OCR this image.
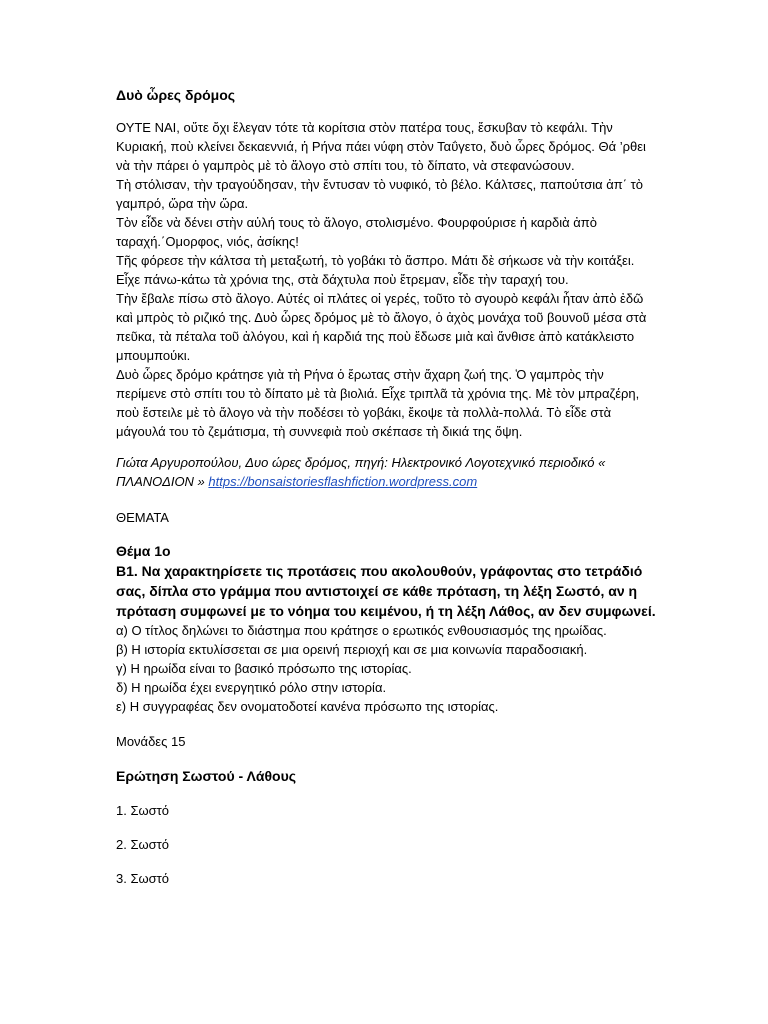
Δυὸ ὧρες δρόμος

ΟΥΤΕ ΝΑΙ, οὔτε ὄχι ἔλεγαν τότε τὰ κορίτσια στὸν πατέρα τους, ἔσκυβαν τὸ κεφάλι. Τὴν Κυριακή, ποὺ κλείνει δεκαεννιά, ἡ Ρήνα πάει νύφη στὸν Ταΰγετο, δυὸ ὧρες δρόμος. Θά ’ρθει νὰ τὴν πάρει ὁ γαμπρὸς μὲ τὸ ἄλογο στὸ σπίτι του, τὸ δίπατο, νὰ στεφανώσουν.

Τὴ στόλισαν, τὴν τραγούδησαν, τὴν ἔντυσαν τὸ νυφικό, τὸ βέλο. Κάλτσες, παπούτσια ἀπ΄ τὸ γαμπρό, ὥρα τὴν ὥρα.

Τὸν εἶδε νὰ δένει στὴν αὐλή τους τὸ ἄλογο, στολισμένο. Φουρφούρισε ἡ καρδιὰ ἀπὸ ταραχή.΄Ομορφος, νιός, ἀσίκης!

Τῆς φόρεσε τὴν κάλτσα τὴ μεταξωτή, τὸ γοβάκι τὸ ἄσπρο. Μάτι δὲ σήκωσε νὰ τὴν κοιτάξει. Εἶχε πάνω-κάτω τὰ χρόνια της, στὰ δάχτυλα ποὺ ἔτρεμαν, εἶδε τὴν ταραχή του.

Τὴν ἔβαλε πίσω στὸ ἄλογο. Αὐτές οἱ πλάτες οἱ γερές, τοῦτο τὸ σγουρὸ κεφάλι ἦταν ἀπὸ ἐδῶ καὶ μπρὸς τὸ ριζικό της. Δυὸ ὧρες δρόμος μὲ τὸ ἄλογο, ὁ ἀχὸς μονάχα τοῦ βουνοῦ μέσα στὰ πεῦκα, τὰ πέταλα τοῦ ἀλόγου, καὶ ἡ καρδιά της ποὺ ἔδωσε μιὰ καὶ ἄνθισε ἀπὸ κατάκλειστο μπουμπούκι.

Δυὸ ὧρες δρόμο κράτησε γιὰ τὴ Ρήνα ὁ ἔρωτας στὴν ἄχαρη ζωή της. Ὁ γαμπρὸς τὴν περίμενε στὸ σπίτι του τὸ δίπατο μὲ τὰ βιολιά. Εἶχε τριπλᾶ τὰ χρόνια της. Μὲ τὸν μπραζέρη, ποὺ ἔστειλε μὲ τὸ ἄλογο νὰ τὴν ποδέσει τὸ γοβάκι, ἔκοψε τὰ πολλὰ-πολλά. Τὸ εἶδε στὰ μάγουλά του τὸ ζεμάτισμα, τὴ συννεφιὰ ποὺ σκέπασε τὴ δικιά της ὄψη.

Γιώτα Αργυροπούλου, Δυο ώρες δρόμος, πηγή: Ηλεκτρονικό Λογοτεχνικό περιοδικό « ΠΛΑΝΟΔΙΟΝ » https://bonsaistoriesflashfiction.wordpress.com
ΘΕΜΑΤΑ
Θέμα 1ο
Β1. Να χαρακτηρίσετε τις προτάσεις που ακολουθούν, γράφοντας στο τετράδιό σας, δίπλα στο γράμμα που αντιστοιχεί σε κάθε πρόταση, τη λέξη Σωστό, αν η πρόταση συμφωνεί με το νόημα του κειμένου, ή τη λέξη Λάθος, αν δεν συμφωνεί.

α) Ο τίτλος δηλώνει το διάστημα που κράτησε ο ερωτικός ενθουσιασμός της ηρωίδας.

β) Η ιστορία εκτυλίσσεται σε μια ορεινή περιοχή και σε μια κοινωνία παραδοσιακή.

γ) Η ηρωίδα είναι το βασικό πρόσωπο της ιστορίας.

δ) Η ηρωίδα έχει ενεργητικό ρόλο στην ιστορία.

ε) Η συγγραφέας δεν ονοματοδοτεί κανένα πρόσωπο της ιστορίας.

Μονάδες 15
Ερώτηση Σωστού - Λάθους
1. Σωστό
2. Σωστό
3. Σωστό
